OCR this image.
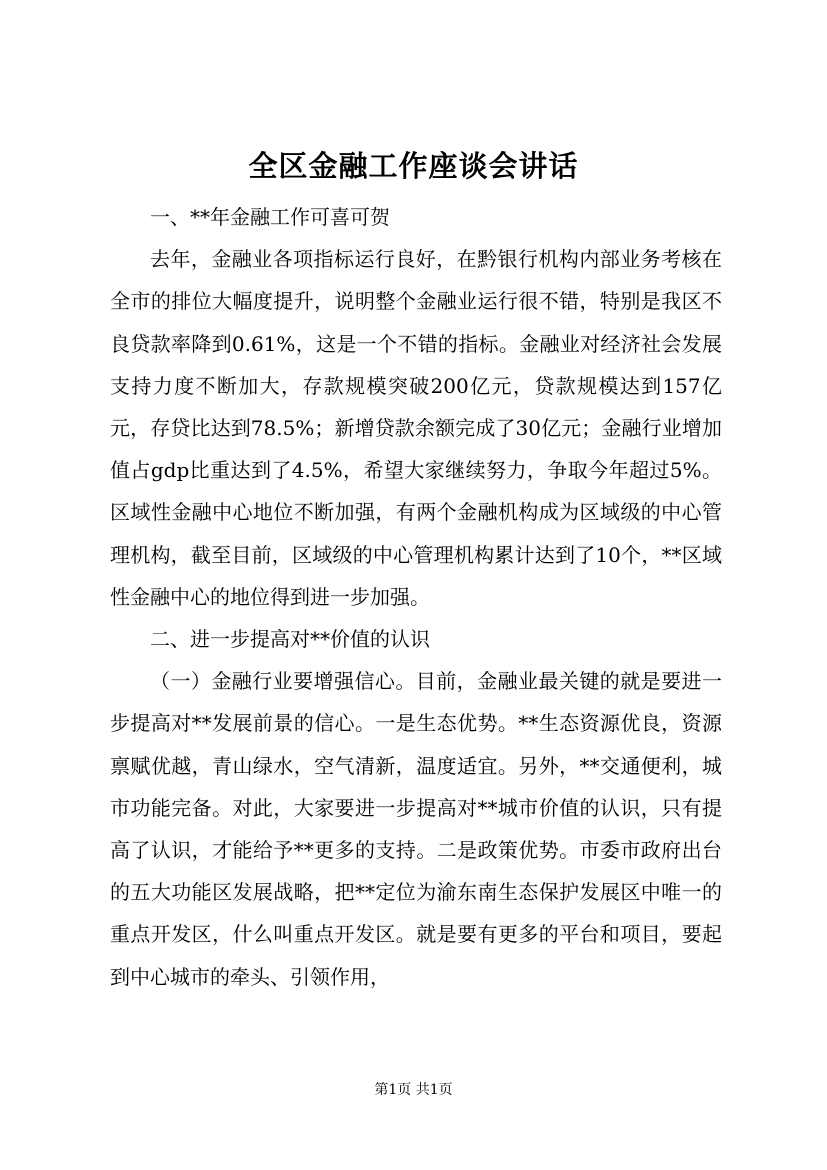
全区金融工作座谈会讲话

一、**年金融工作可喜可贺

去年，金融业各项指标运行良好，在黔银行机构内部业务考核在全市的排位大幅度提升，说明整个金融业运行很不错，特别是我区不良贷款率降到0.61%，这是一个不错的指标。金融业对经济社会发展支持力度不断加大，存款规模突破200亿元，贷款规模达到157亿元，存贷比达到78.5%；新增贷款余额完成了30亿元；金融行业增加值占gdp比重达到了4.5%，希望大家继续努力，争取今年超过5%。区域性金融中心地位不断加强，有两个金融机构成为区域级的中心管理机构，截至目前，区域级的中心管理机构累计达到了10个，**区域性金融中心的地位得到进一步加强。

二、进一步提高对**价值的认识

（一）金融行业要增强信心。目前，金融业最关键的就是要进一步提高对**发展前景的信心。一是生态优势。**生态资源优良，资源禀赋优越，青山绿水，空气清新，温度适宜。另外，**交通便利，城市功能完备。对此，大家要进一步提高对**城市价值的认识，只有提高了认识，才能给予**更多的支持。二是政策优势。市委市政府出台的五大功能区发展战略，把**定位为渝东南生态保护发展区中唯一的重点开发区，什么叫重点开发区。就是要有更多的平台和项目，要起到中心城市的牵头、引领作用，

第1页 共1页
